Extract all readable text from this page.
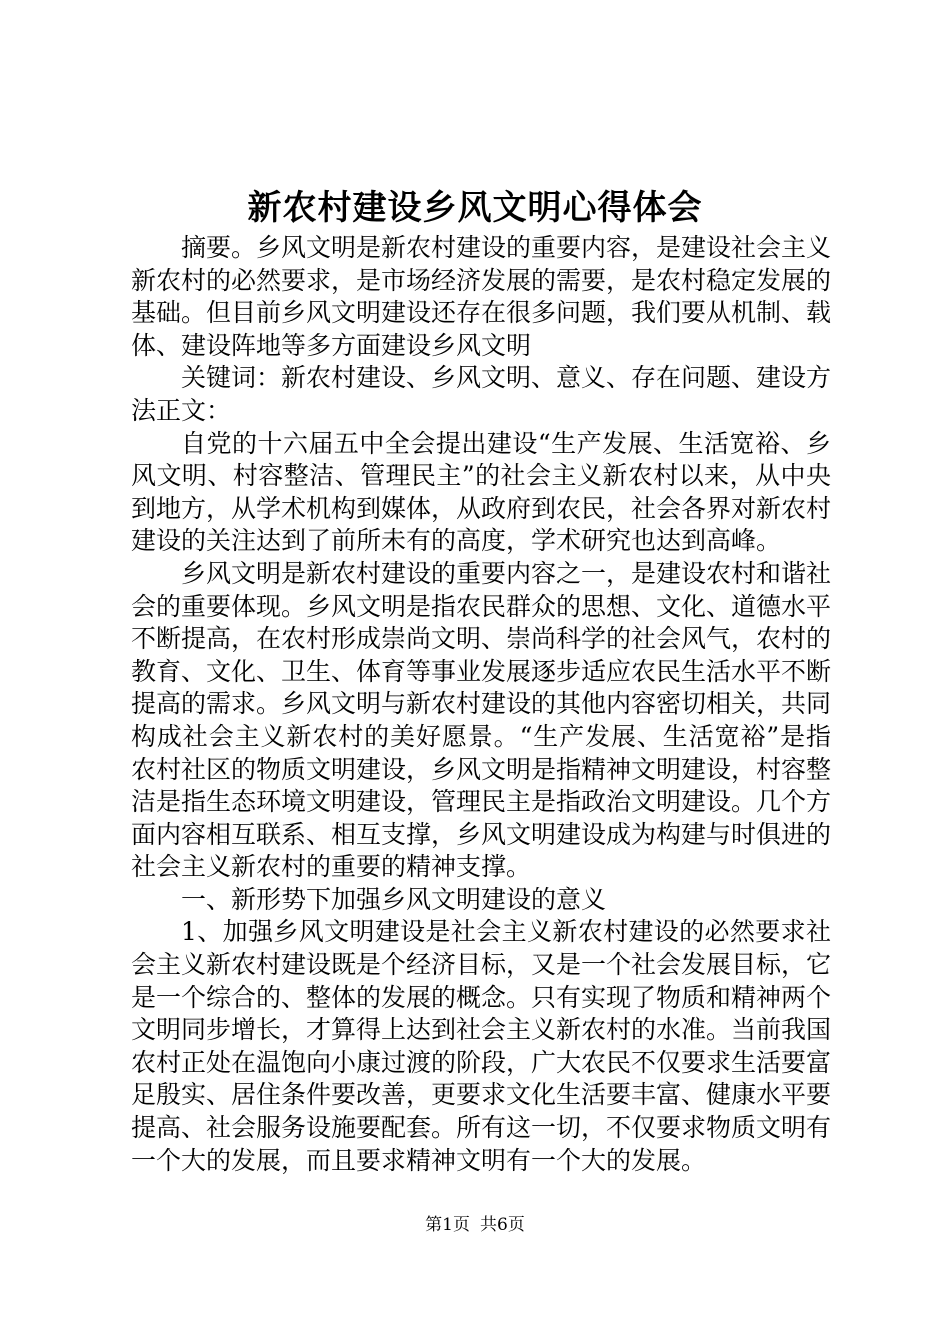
新农村建设乡风文明心得体会

摘要。乡风文明是新农村建设的重要内容，是建设社会主义新农村的必然要求，是市场经济发展的需要，是农村稳定发展的基础。但目前乡风文明建设还存在很多问题，我们要从机制、载体、建设阵地等多方面建设乡风文明

关键词：新农村建设、乡风文明、意义、存在问题、建设方法正文：

自党的十六届五中全会提出建设“生产发展、生活宽裕、乡风文明、村容整洁、管理民主”的社会主义新农村以来，从中央到地方，从学术机构到媒体，从政府到农民，社会各界对新农村建设的关注达到了前所未有的高度，学术研究也达到高峰。

乡风文明是新农村建设的重要内容之一，是建设农村和谐社会的重要体现。乡风文明是指农民群众的思想、文化、道德水平不断提高，在农村形成崇尚文明、崇尚科学的社会风气，农村的教育、文化、卫生、体育等事业发展逐步适应农民生活水平不断提高的需求。乡风文明与新农村建设的其他内容密切相关，共同构成社会主义新农村的美好愿景。“生产发展、生活宽裕”是指农村社区的物质文明建设，乡风文明是指精神文明建设，村容整洁是指生态环境文明建设，管理民主是指政治文明建设。几个方面内容相互联系、相互支撑，乡风文明建设成为构建与时俱进的社会主义新农村的重要的精神支撑。

一、新形势下加强乡风文明建设的意义

1、加强乡风文明建设是社会主义新农村建设的必然要求社会主义新农村建设既是个经济目标，又是一个社会发展目标，它是一个综合的、整体的发展的概念。只有实现了物质和精神两个文明同步增长，才算得上达到社会主义新农村的水准。当前我国农村正处在温饱向小康过渡的阶段，广大农民不仅要求生活要富足殷实、居住条件要改善，更要求文化生活要丰富、健康水平要提高、社会服务设施要配套。所有这一切，不仅要求物质文明有一个大的发展，而且要求精神文明有一个大的发展。

第1页 共6页
